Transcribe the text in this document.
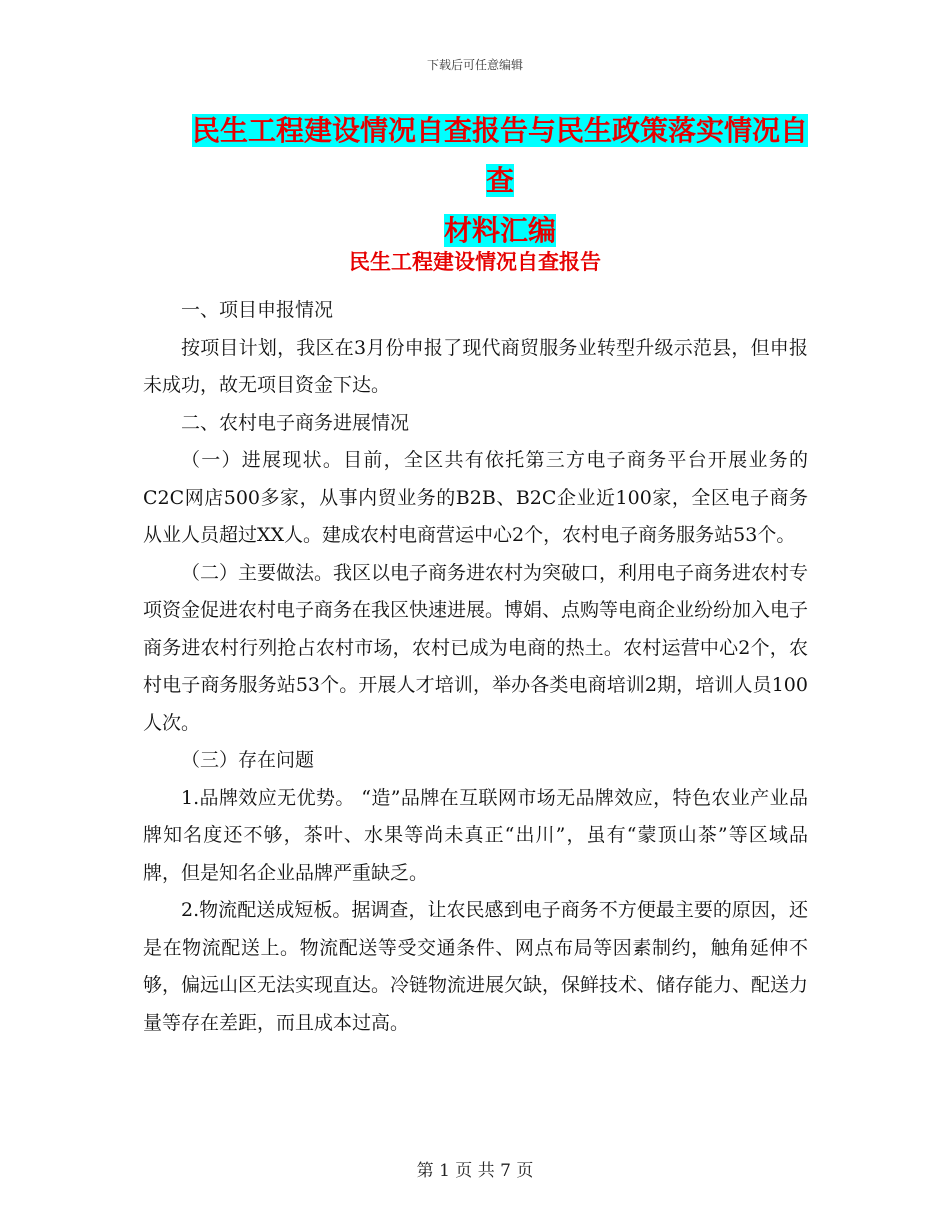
下载后可任意编辑
民生工程建设情况自查报告与民生政策落实情况自查
材料汇编
民生工程建设情况自查报告

一、项目申报情况

按项目计划，我区在3月份申报了现代商贸服务业转型升级示范县，但申报未成功，故无项目资金下达。

二、农村电子商务进展情况

（一）进展现状。目前，全区共有依托第三方电子商务平台开展业务的C2C网店500多家，从事内贸业务的B2B、B2C企业近100家，全区电子商务从业人员超过XX人。建成农村电商营运中心2个，农村电子商务服务站53个。

（二）主要做法。我区以电子商务进农村为突破口，利用电子商务进农村专项资金促进农村电子商务在我区快速进展。博娟、点购等电商企业纷纷加入电子商务进农村行列抢占农村市场，农村已成为电商的热土。农村运营中心2个，农村电子商务服务站53个。开展人才培训，举办各类电商培训2期，培训人员100人次。

（三）存在问题

1.品牌效应无优势。 “造”品牌在互联网市场无品牌效应，特色农业产业品牌知名度还不够，茶叶、水果等尚未真正“出川”，虽有“蒙顶山茶”等区域品牌，但是知名企业品牌严重缺乏。

2.物流配送成短板。据调查，让农民感到电子商务不方便最主要的原因，还是在物流配送上。物流配送等受交通条件、网点布局等因素制约，触角延伸不够，偏远山区无法实现直达。冷链物流进展欠缺，保鲜技术、储存能力、配送力量等存在差距，而且成本过高。

第 1 页 共 7 页
